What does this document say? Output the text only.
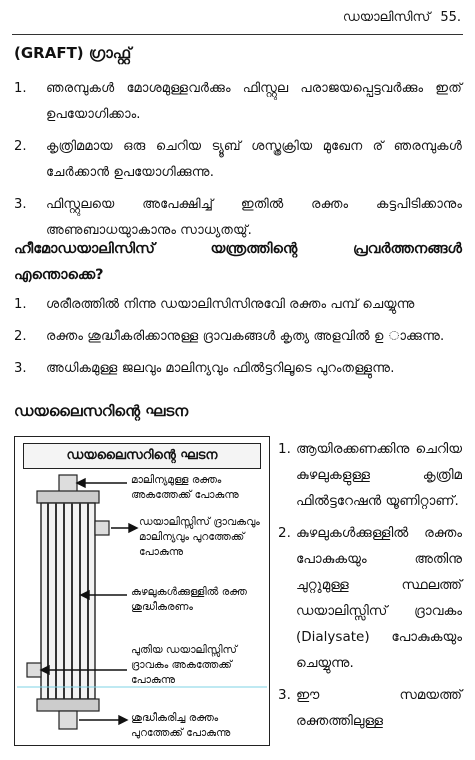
ഡയാലിസിസ് 55.
(GRAFT) ഗ്രാഫ്റ്റ്
1.	ഞരമ്പുകൾ മോശമുള്ളവർക്കും ഫിസ്റ്റുല പരാജയപ്പെട്ടവർക്കും ഇത് ഉപയോഗിക്കാം.
2.	കൃത്രിമമായ ഒരു ചെറിയ ട്യൂബ് ശസ്ത്രക്രിയ മുഖേന ര് ഞരമ്പുകൾ ചേർക്കാൻ ഉപയോഗിക്കുന്നു.
3.	ഫിസ്റ്റുലയെ അപേക്ഷിച്ച് ഇതിൽ രക്തം കട്ടപിടിക്കാനും അണുബാധയുാകാനും സാധ്യതയു്.
ഹീമോഡയാലിസിസ്	യന്ത്രത്തിന്റെ	പ്രവർത്തനങ്ങൾ
എന്തൊക്കെ?
1.	ശരീരത്തിൽ നിന്നു ഡയാലിസിസിനുവേി രക്തം പമ്പ് ചെയ്യുന്നു
2.	രക്തം ശുദ്ധീകരിക്കാനുള്ള ദ്രാവകങ്ങൾ കൃത്യ അളവിൽ ഉ ാക്കുന്നു.
3.	അധികമുള്ള ജലവും മാലിന്യവും ഫിൽട്ടറിലൂടെ പുറംതള്ളുന്നു.
ഡയലൈസറിന്റെ ഘടന
ഡയലൈസറിന്റെ ഘടന
മാലിന്യമുള്ള രക്തം അകത്തേക്ക് പോകുന്നു
ഡയാലിസ്സിസ് ദ്രാവകവും മാലിന്യവും പുറത്തേക്ക് പോകുന്നു
കുഴലുകൾക്കുള്ളിൽ രക്ത ശുദ്ധീകരണം
പുതിയ ഡയാലിസ്സിസ് ദ്രാവകം അകത്തേക്ക് പോകുന്നു
ശുദ്ധീകരിച്ച രക്തം പുറത്തേക്ക് പോകുന്നു
1. ആയിരക്കണക്കിനു ചെറിയ കുഴലുകളുള്ള കൃത്രിമ ഫിൽട്ടറേഷൻ യൂണിറ്റാണ്.
2. കുഴലുകൾക്കുള്ളിൽ രക്തം പോകുകയും അതിനു ചുറ്റുമുള്ള സ്ഥലത്ത് ഡയാലിസ്സിസ് ദ്രാവകം (Dialysate) പോകുകയും ചെയ്യുന്നു.
3. ഈ സമയത്ത് രക്തത്തിലുള്ള
